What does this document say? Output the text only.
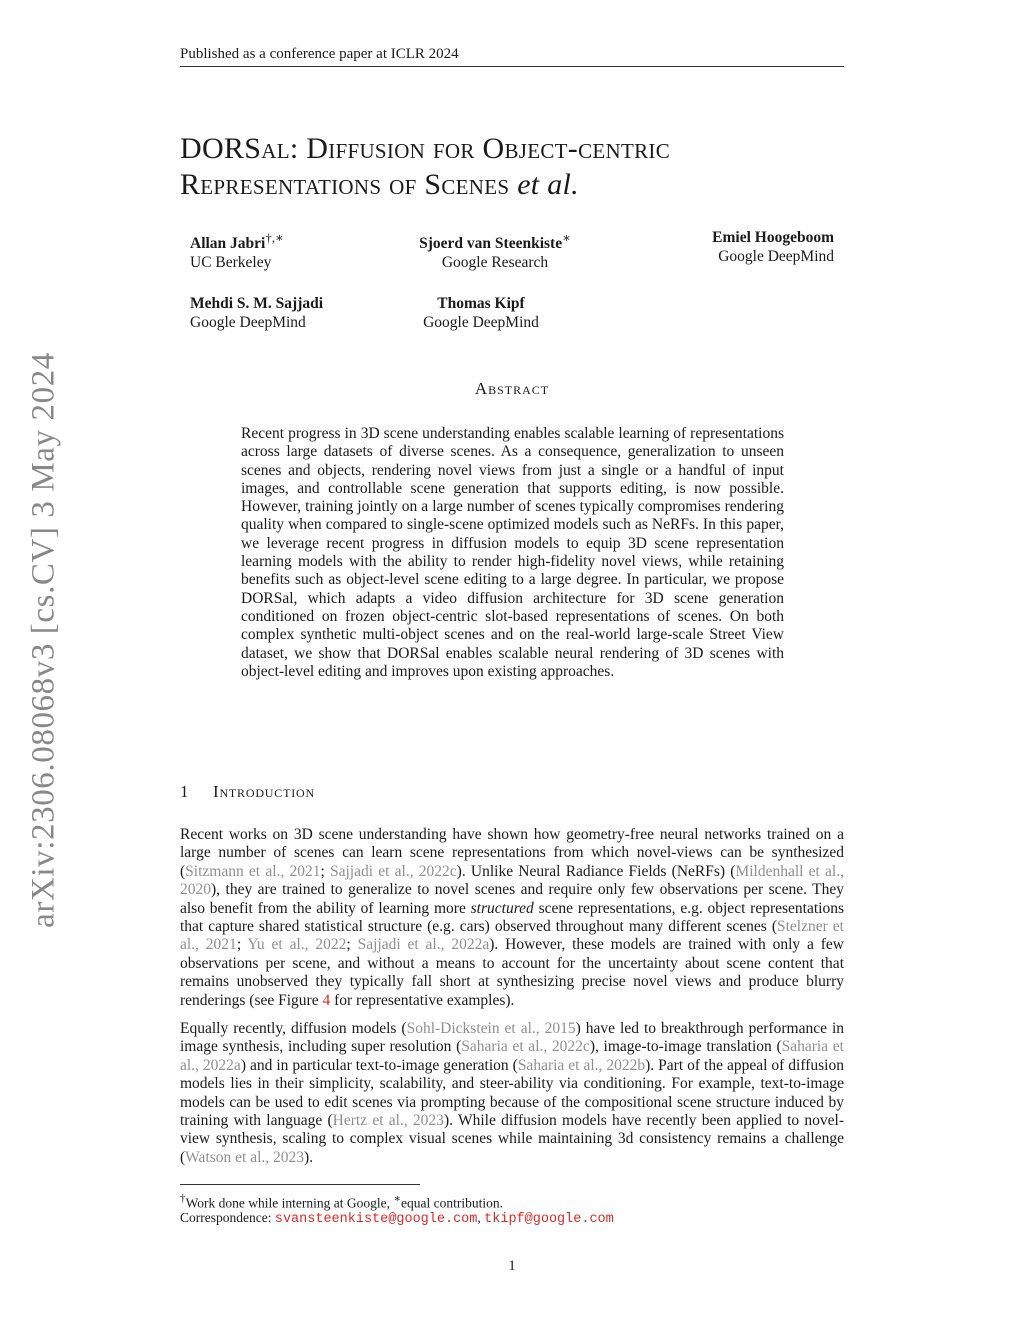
Published as a conference paper at ICLR 2024
arXiv:2306.08068v3 [cs.CV] 3 May 2024
DORSal: Diffusion for Object-centric
Representations of Scenes et al.
Allan Jabri†,∗
UC Berkeley
Sjoerd van Steenkiste∗
Google Research
Emiel Hoogeboom
Google DeepMind
Mehdi S. M. Sajjadi
Google DeepMind
Thomas Kipf
Google DeepMind
Abstract
Recent progress in 3D scene understanding enables scalable learning of representations across large datasets of diverse scenes. As a consequence, generalization to unseen scenes and objects, rendering novel views from just a single or a handful of input images, and controllable scene generation that supports editing, is now possible. However, training jointly on a large number of scenes typically compromises rendering quality when compared to single-scene optimized models such as NeRFs. In this paper, we leverage recent progress in diffusion models to equip 3D scene representation learning models with the ability to render high-fidelity novel views, while retaining benefits such as object-level scene editing to a large degree. In particular, we propose DORSal, which adapts a video diffusion architecture for 3D scene generation conditioned on frozen object-centric slot-based representations of scenes. On both complex synthetic multi-object scenes and on the real-world large-scale Street View dataset, we show that DORSal enables scalable neural rendering of 3D scenes with object-level editing and improves upon existing approaches.
1 Introduction
Recent works on 3D scene understanding have shown how geometry-free neural networks trained on a large number of scenes can learn scene representations from which novel-views can be synthesized (Sitzmann et al., 2021; Sajjadi et al., 2022c). Unlike Neural Radiance Fields (NeRFs) (Mildenhall et al., 2020), they are trained to generalize to novel scenes and require only few observations per scene. They also benefit from the ability of learning more structured scene representations, e.g. object representations that capture shared statistical structure (e.g. cars) observed throughout many different scenes (Stelzner et al., 2021; Yu et al., 2022; Sajjadi et al., 2022a). However, these models are trained with only a few observations per scene, and without a means to account for the uncertainty about scene content that remains unobserved they typically fall short at synthesizing precise novel views and produce blurry renderings (see Figure 4 for representative examples).
Equally recently, diffusion models (Sohl-Dickstein et al., 2015) have led to breakthrough performance in image synthesis, including super resolution (Saharia et al., 2022c), image-to-image translation (Saharia et al., 2022a) and in particular text-to-image generation (Saharia et al., 2022b). Part of the appeal of diffusion models lies in their simplicity, scalability, and steer-ability via conditioning. For example, text-to-image models can be used to edit scenes via prompting because of the compositional scene structure induced by training with language (Hertz et al., 2023). While diffusion models have recently been applied to novel-view synthesis, scaling to complex visual scenes while maintaining 3d consistency remains a challenge (Watson et al., 2023).
†Work done while interning at Google, ∗equal contribution.
Correspondence: svansteenkiste@google.com, tkipf@google.com
1
